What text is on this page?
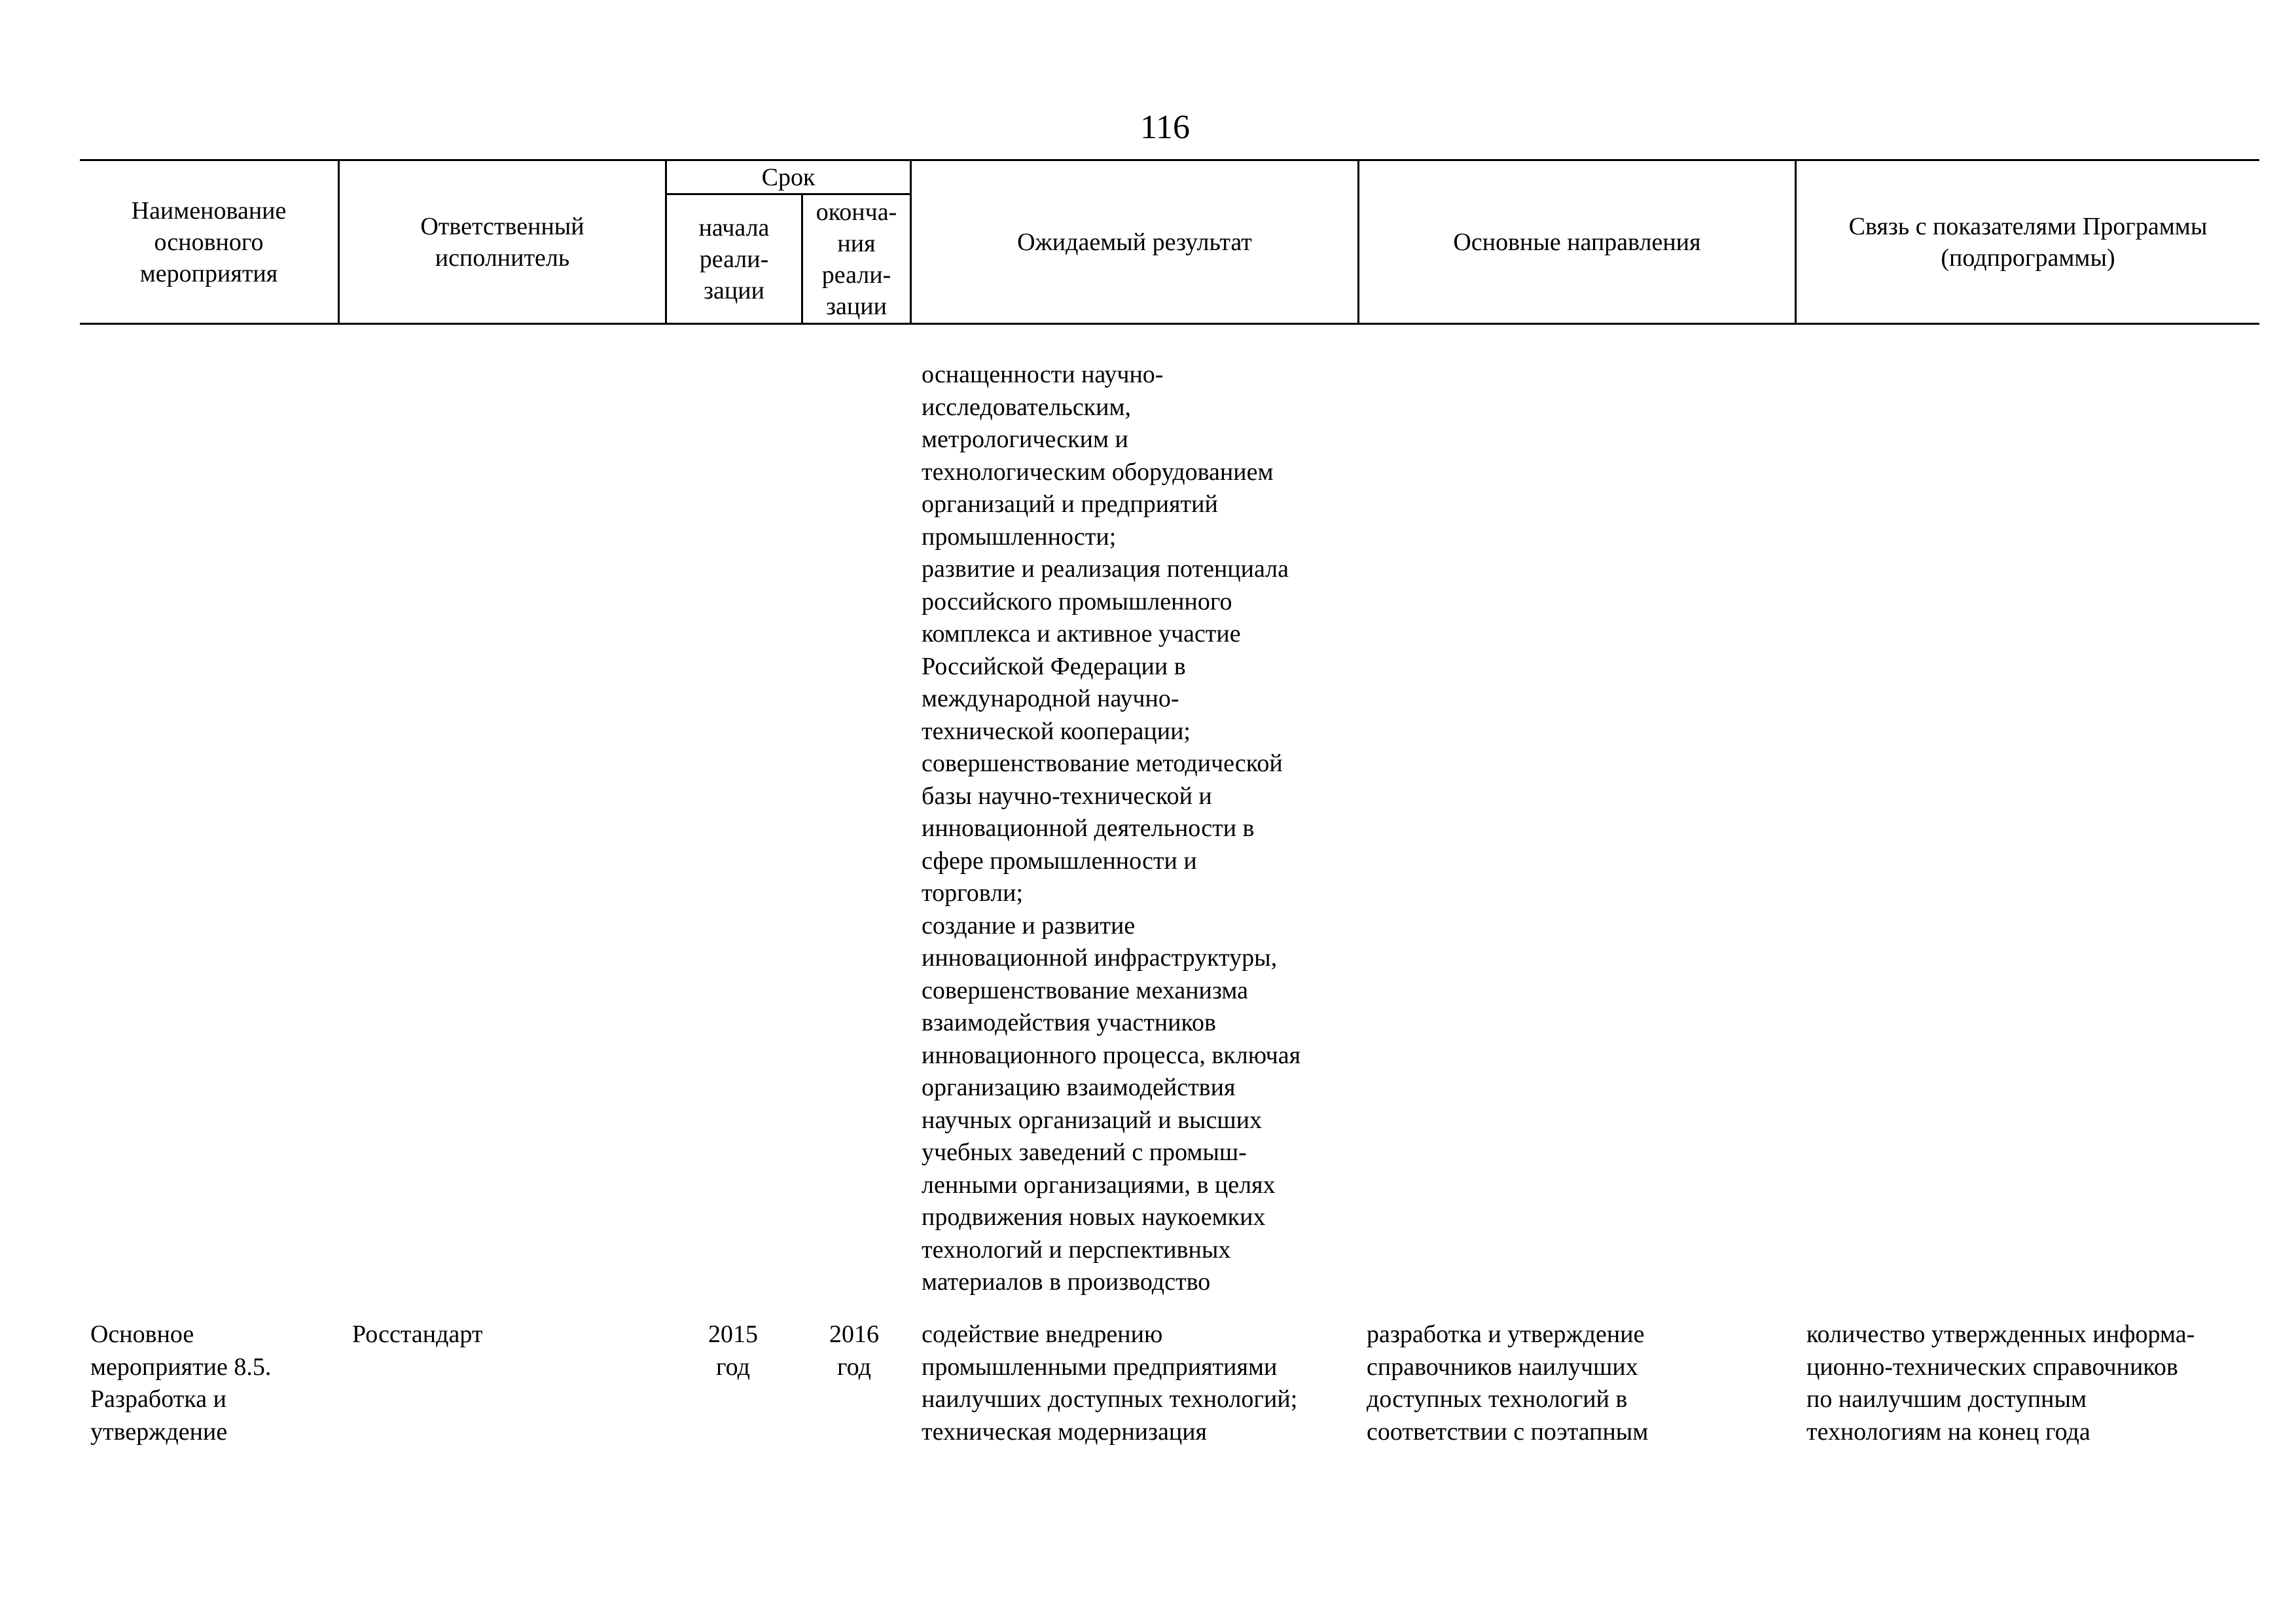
116
Наименование
основного
мероприятия
Ответственный
исполнитель
Срок
начала
реали-
зации
оконча-
ния
реали-
зации
Ожидаемый результат	Основные направления
Связь с показателями Программы
(подпрограммы)
оснащенности научно-
исследовательским,
метрологическим и
технологическим оборудованием
организаций и предприятий
промышленности;
развитие и реализация потенциала
российского промышленного
комплекса и активное участие
Российской Федерации в
международной научно-
технической кооперации;
совершенствование методической
базы научно-технической и
инновационной деятельности в
сфере промышленности и
торговли;
создание и развитие
инновационной инфраструктуры,
совершенствование механизма
взаимодействия участников
инновационного процесса, включая
организацию взаимодействия
научных организаций и высших
учебных заведений с промыш-
ленными организациями, в целях
продвижения новых наукоемких
технологий и перспективных
материалов в производство
Основное
мероприятие 8.5.
Разработка и
утверждение
Росстандарт	2015
год
2016
год
содействие внедрению
промышленными предприятиями
наилучших доступных технологий;
техническая модернизация
разработка и утверждение
справочников наилучших
доступных технологий в
соответствии с поэтапным
количество утвержденных информа-
ционно-технических справочников
по наилучшим доступным
технологиям на конец года
